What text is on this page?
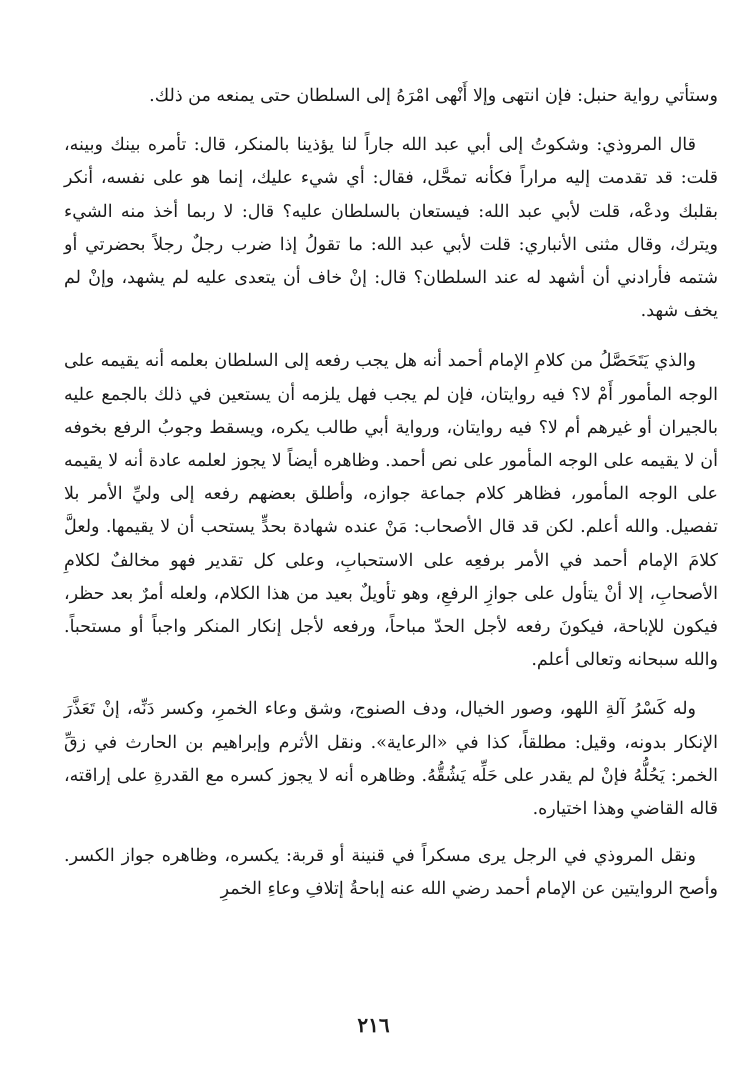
وستأتي رواية حنبل: فإن انتهى وإلا أَنْهى امْرَهُ إلى السلطان حتى يمنعه من ذلك.

قال المروذي: وشكوتُ إلى أبي عبد الله جاراً لنا يؤذينا بالمنكر، قال: تأمره بينك وبينه، قلت: قد تقدمت إليه مراراً فكأنه تمحَّل، فقال: أي شيء عليك، إنما هو على نفسه، أنكر بقلبك ودعْه، قلت لأبي عبد الله: فيستعان بالسلطان عليه؟ قال: لا ربما أخذ منه الشيء ويترك، وقال مثنى الأنباري: قلت لأبي عبد الله: ما تقولُ إذا ضرب رجلٌ رجلاً بحضرتي أو شتمه فأرادني أن أشهد له عند السلطان؟ قال: إنْ خاف أن يتعدى عليه لم يشهد، وإنْ لم يخف شهد.

والذي يَتَحَصَّلُ من كلامِ الإمام أحمد أنه هل يجب رفعه إلى السلطان بعلمه أنه يقيمه على الوجه المأمور أَمْ لا؟ فيه روايتان، فإن لم يجب فهل يلزمه أن يستعين في ذلك بالجمع عليه بالجيران أو غيرهم أم لا؟ فيه روايتان، ورواية أبي طالب يكره، ويسقط وجوبُ الرفع بخوفه أن لا يقيمه على الوجه المأمور على نص أحمد. وظاهره أيضاً لا يجوز لعلمه عادة أنه لا يقيمه على الوجه المأمور، فظاهر كلام جماعة جوازه، وأطلق بعضهم رفعه إلى وليِّ الأمر بلا تفصيل. والله أعلم. لكن قد قال الأصحاب: مَنْ عنده شهادة بحدٍّ يستحب أن لا يقيمها. ولعلَّ كلامَ الإمام أحمد في الأمر برفعِه على الاستحبابِ، وعلى كل تقدير فهو مخالفٌ لكلامِ الأصحابِ، إلا أنْ يتأول على جوازِ الرفعِ، وهو تأويلٌ بعيد من هذا الكلام، ولعله أمرٌ بعد حظر، فيكون للإباحة، فيكونَ رفعه لأجل الحدّ مباحاً، ورفعه لأجل إنكار المنكر واجباً أو مستحباً. والله سبحانه وتعالى أعلم.

وله كَسْرُ آلةِ اللهو، وصور الخيال، ودف الصنوج، وشق وعاء الخمرِ، وكسر دَنِّه، إنْ تَعَذَّرَ الإنكار بدونه، وقيل: مطلقاً، كذا في «الرعاية». ونقل الأثرم وإبراهيم بن الحارث في زقِّ الخمر: يَحُلُّهُ فإنْ لم يقدر على حَلِّه يَشُقُّهُ. وظاهره أنه لا يجوز كسره مع القدرةِ على إراقته، قاله القاضي وهذا اختياره.

ونقل المروذي في الرجل يرى مسكراً في قنينة أو قربة: يكسره، وظاهره جواز الكسر. وأصح الروايتين عن الإمام أحمد رضي الله عنه إباحةُ إتلافِ وعاءِ الخمرِ

٢١٦
